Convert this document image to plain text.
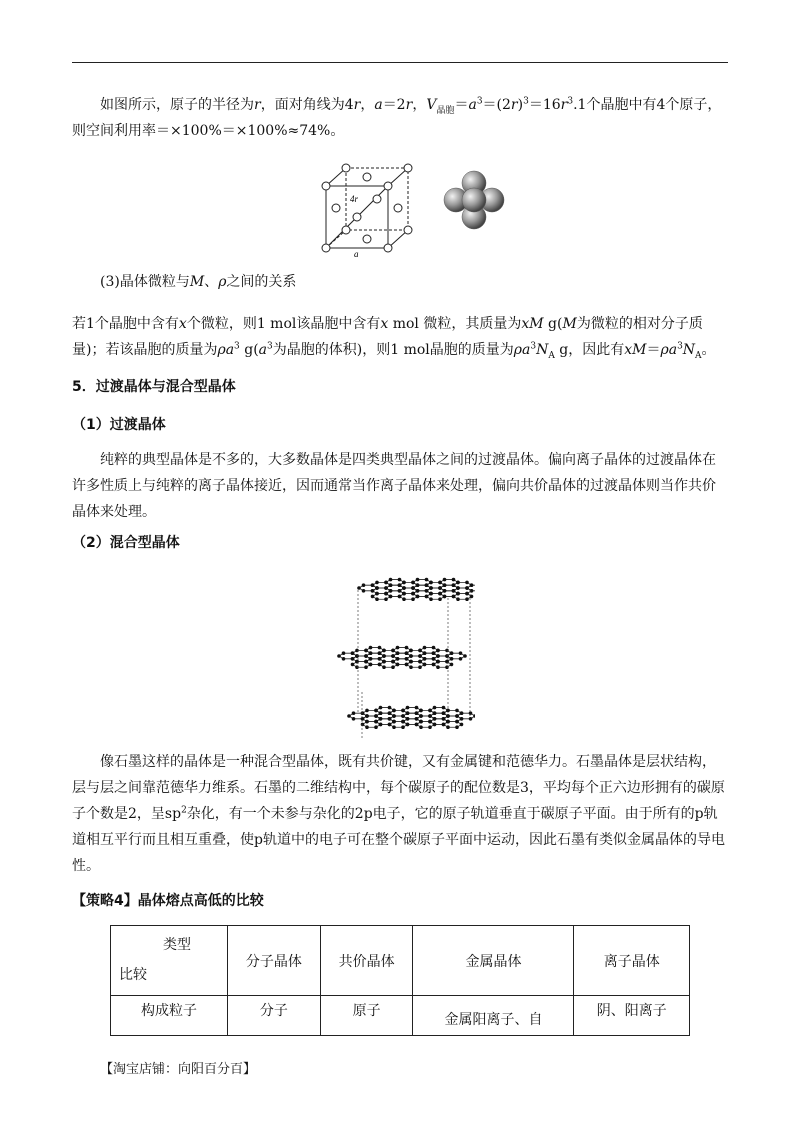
如图所示，原子的半径为r，面对角线为4r，a＝2r，$V_{晶胞}=a^3=(2r)^3=16r^3.1$个晶胞中有4个原子，则空间利用率＝×100%＝×100%≈74%。

4r
a

(3)晶体微粒与M、ρ之间的关系

若1个晶胞中含有x个微粒，则1 mol该晶胞中含有x mol 微粒，其质量为xM g(M为微粒的相对分子质量)；若该晶胞的质量为$\rho a^3$ $g(a^3$为晶胞的体积)，则1 mol晶胞的质量为$\rho a^3N_A$ g，因此有$xM=\rho a^3N_A$。

5．过渡晶体与混合型晶体

（1）过渡晶体

纯粹的典型晶体是不多的，大多数晶体是四类典型晶体之间的过渡晶体。偏向离子晶体的过渡晶体在许多性质上与纯粹的离子晶体接近，因而通常当作离子晶体来处理，偏向共价晶体的过渡晶体则当作共价晶体来处理。

（2）混合型晶体

像石墨这样的晶体是一种混合型晶体，既有共价键，又有金属键和范德华力。石墨晶体是层状结构，层与层之间靠范德华力维系。石墨的二维结构中，每个碳原子的配位数是3，平均每个正六边形拥有的碳原子个数是2，呈$sp^2$杂化，有一个未参与杂化的2p电子，它的原子轨道垂直于碳原子平面。由于所有的p轨道相互平行而且相互重叠，使p轨道中的电子可在整个碳原子平面中运动，因此石墨有类似金属晶体的导电性。

【策略4】晶体熔点高低的比较

类型
比较	分子晶体	共价晶体	金属晶体	离子晶体
构成粒子	分子	原子	金属阳离子、自	阴、阳离子
【淘宝店铺：向阳百分百】
